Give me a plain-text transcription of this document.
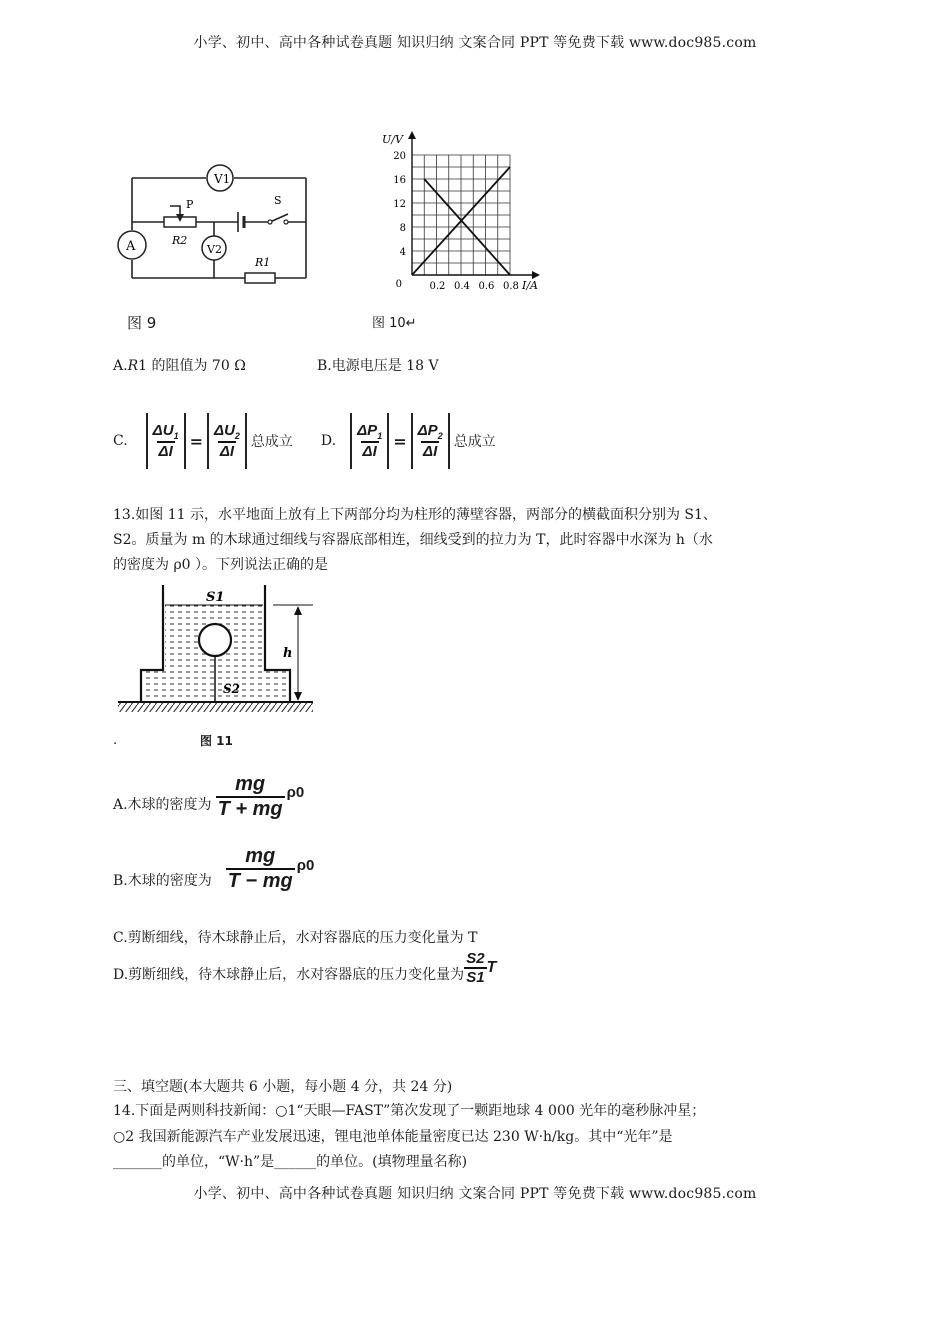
小学、初中、高中各种试卷真题 知识归纳 文案合同 PPT 等免费下载 www.doc985.com
V1
A	V2
P
R2
S
R1
图 9
0.2 0.4 0.6 0.8
4
8
12
16
20
0	I/A
U/V
图 10↵
A.R1 的阻值为 70 Ω	B.电源电压是 18 V
C. $\frac{\Delta U_1}{\Delta I} = \frac{\Delta U_2}{\Delta I}$ 总成立 D. $\frac{\Delta P_1}{\Delta I} = \frac{\Delta P_2}{\Delta I}$ 总成立
13.如图 11 示，水平地面上放有上下两部分均为柱形的薄壁容器，两部分的横截面积分别为 S1、
S2。质量为 m 的木球通过细线与容器底部相连，细线受到的拉力为 T，此时容器中水深为 h（水
的密度为 ρ0 ）。下列说法正确的是
S1
S2
h
.	图 11
A.木球的密度为 $\frac{mg}{T + mg} \rho 0$
B.木球的密度为 $\frac{mg}{T - mg} \rho 0$
C.剪断细线，待木球静止后，水对容器底的压力变化量为 T
D.剪断细线，待木球静止后，水对容器底的压力变化量为 $\frac{S2}{S1}$ T
三、填空题(本大题共 6 小题，每小题 4 分，共 24 分)
14.下面是两则科技新闻：○1“天眼—FAST”第次发现了一颗距地球 4 000 光年的毫秒脉冲星；
○2 我国新能源汽车产业发展迅速，锂电池单体能量密度已达 230 W·h/kg。其中“光年”是
_______的单位，“W·h”是______的单位。(填物理量名称)
小学、初中、高中各种试卷真题 知识归纳 文案合同 PPT 等免费下载 www.doc985.com
